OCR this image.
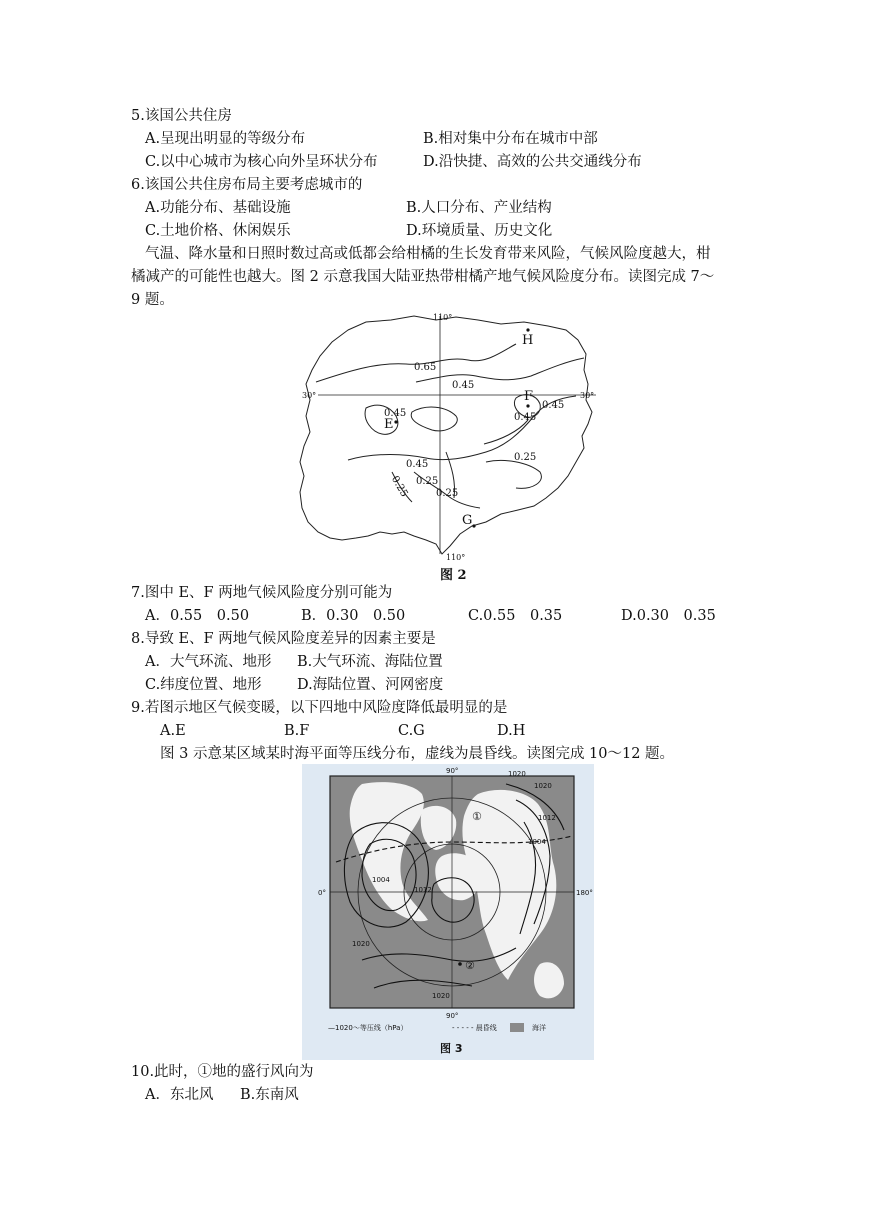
5.该国公共住房
A.呈现出明显的等级分布	B.相对集中分布在城市中部
C.以中心城市为核心向外呈环状分布	D.沿快捷、高效的公共交通线分布
6.该国公共住房布局主要考虑城市的
A.功能分布、基础设施	B.人口分布、产业结构
C.土地价格、休闲娱乐	D.环境质量、历史文化
气温、降水量和日照时数过高或低都会给柑橘的生长发育带来风险，气候风险度越大，柑
橘减产的可能性也越大。图 2 示意我国大陆亚热带柑橘产地气候风险度分布。读图完成 7～
9 题。
0.65
0.45
0.45
0.45
0.45
0.45
0.25
0.25
0.25
0.25
H
E
F
G
110°
110°
30°	30°
图 2
7.图中 E、F 两地气候风险度分别可能为
A．0.55　0.50	B．0.30　0.50	C.0.55　0.35	D.0.30　0.35
8.导致 E、F 两地气候风险度差异的因素主要是
A．大气环流、地形 B.大气环流、海陆位置
C.纬度位置、地形 D.海陆位置、河网密度
9.若图示地区气候变暖，以下四地中风险度降低最明显的是
A.E	B.F	C.G	D.H
图 3 示意某区域某时海平面等压线分布，虚线为晨昏线。读图完成 10～12 题。
1020
1012
1004
1004
1012
1020
1020
1020
①
②
90°
90°
0°	180°
—1020～等压线（hPa）	- - - - - 晨昏线	海洋
图 3
10.此时，①地的盛行风向为
A．东北风 B.东南风
